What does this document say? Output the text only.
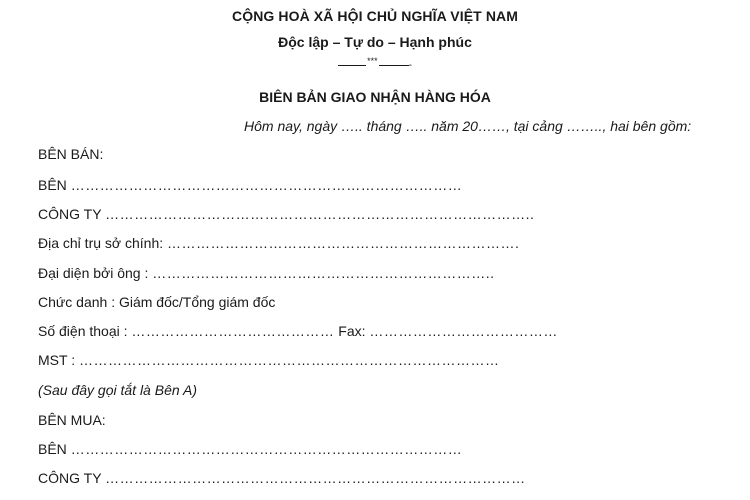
CỘNG HOÀ XÃ HỘI CHỦ NGHĨA VIỆT NAM
Độc lập – Tự do – Hạnh phúc
***	-
BIÊN BẢN GIAO NHẬN HÀNG HÓA
Hôm nay, ngày ….. tháng ….. năm 20……, tại cảng …….., hai bên gồm:
BÊN BÁN:
BÊN ………………………………………………………………………
CÔNG TY ……………………………………………………………………………..
Địa chỉ trụ sở chính: ……………………………………………………………….
Đại diện bởi ông : ……………………………………………………………..
Chức danh : Giám đốc/Tổng giám đốc
Số điện thoại : …………………………………… Fax: …………………………………
MST : ……………………………………………………………………………
(Sau đây gọi tắt là Bên A)
BÊN MUA:
BÊN ………………………………………………………………………
CÔNG TY ……………………………………………………………………………
